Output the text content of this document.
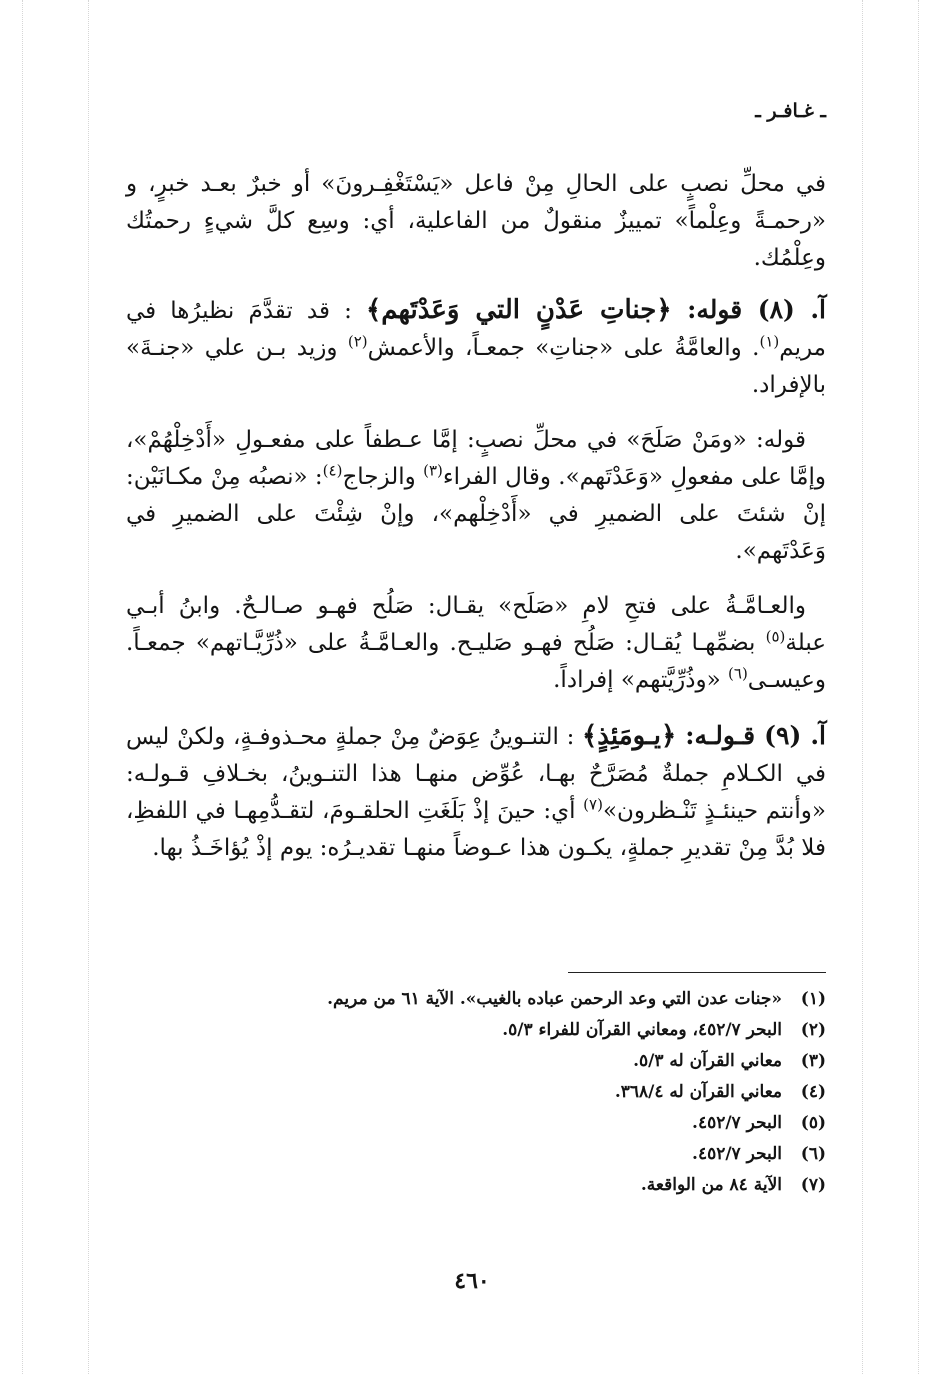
ـ غـافـر ـ

في محلِّ نصبٍ على الحالِ مِنْ فاعل «يَسْتَغْفِـرونَ» أو خبرٌ بعـد خبرٍ، و «رحمـةً وعِلْماً» تمييزٌ منقولٌ من الفاعلية، أي: وسِع كلَّ شيءٍ رحمتُك وعِلْمُك.

آ. (٨) قوله: ﴿جناتِ عَدْنٍ التي وَعَدْتَهم﴾ : قد تقدَّمَ نظيرُها في مريم$^{(١)}$. والعامَّةُ على «جناتِ» جمعـاً، والأعمش$^{(٢)}$ وزيد بـن علي «جنـةَ» بالإفراد.

قوله: «ومَنْ صَلَحَ» في محلِّ نصبٍ: إمَّا عـطفاً على مفعـولِ «أَدْخِلْهُمْ»، وإمَّا على مفعولِ «وَعَدْتَهم». وقال الفراء$^{(٣)}$ والزجاج$^{(٤)}$: «نصبُه مِنْ مكـانَيْن: إنْ شئتَ على الضميرِ في «أَدْخِلْهم»، وإنْ شِئْتَ على الضميرِ في وَعَدْتَهم».

والعـامَّـةُ على فتحِ لامِ «صَلَح» يقـال: صَلُح فهـو صـالـحٌ. وابنُ أبـي عبلة$^{(٥)}$ بضمِّهـا يُقـال: صَلُح فهـو صَليـح. والعـامَّـةُ على «ذُرِّيَّـاتهم» جمعـاً. وعيسـى$^{(٦)}$ «وذُرِّيَّتهم» إفراداً.

آ. (٩) قـولـه: ﴿يـومَئِذٍ﴾ : التنـوينُ عِوَضٌ مِنْ جملةٍ محـذوفـةٍ، ولكنْ ليس في الكـلامِ جملةٌ مُصَرَّحٌ بهـا، عُوِّض منهـا هذا التنـوينُ، بخـلافِ قـولـه: «وأنتم حينئـذٍ تَنْـظرون»$^{(٧)}$ أي: حينَ إذْ بَلَغَتِ الحلقـومَ، لتقـدُّمِهـا في اللفظِ، فلا بُدَّ مِنْ تقديرِ جملةٍ، يكـون هذا عـوضاً منهـا تقديـرُه: يوم إذْ يُؤاخَـذُ بها.

(١)
«جنات عدن التي وعد الرحمن عباده بالغيب». الآية ٦١ من مريم.
(٢)
البحر ٤٥٢/٧، ومعاني القرآن للفراء ٥/٣.
(٣)
معاني القرآن له ٥/٣.
(٤)
معاني القرآن له ٣٦٨/٤.
(٥)
البحر ٤٥٢/٧.
(٦)
البحر ٤٥٢/٧.
(٧)
الآية ٨٤ من الواقعة.
٤٦٠
